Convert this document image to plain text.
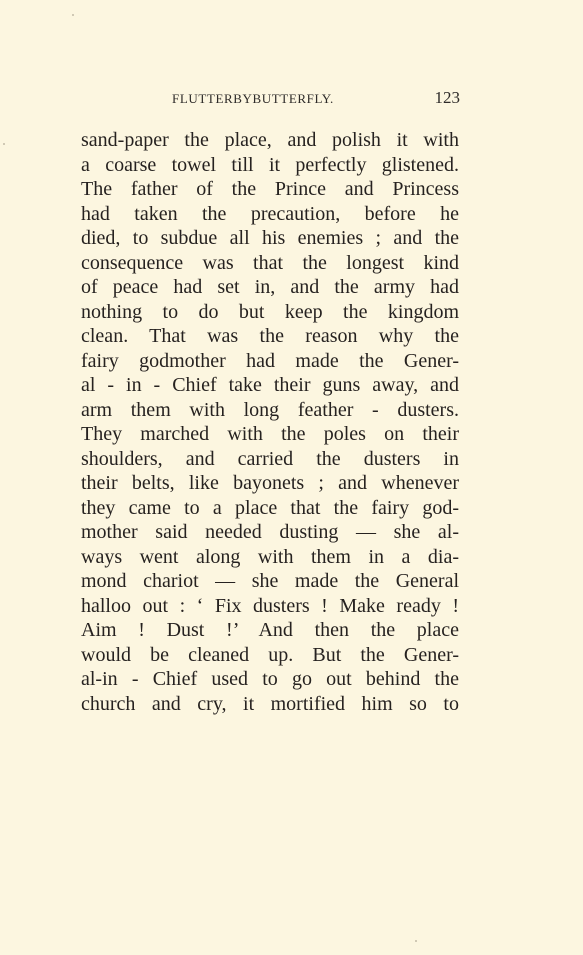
FLUTTERBYBUTTERFLY.	123
sand-paper the place, and polish it with
a coarse towel till it perfectly glistened.
The father of the Prince and Princess
had taken the precaution, before he
died, to subdue all his enemies ; and the
consequence was that the longest kind
of peace had set in, and the army had
nothing to do but keep the kingdom
clean. That was the reason why the
fairy godmother had made the Gener-
al - in - Chief take their guns away, and
arm them with long feather - dusters.
They marched with the poles on their
shoulders, and carried the dusters in
their belts, like bayonets ; and whenever
they came to a place that the fairy god-
mother said needed dusting — she al-
ways went along with them in a dia-
mond chariot — she made the General
halloo out : ‘ Fix dusters ! Make ready !
Aim ! Dust !’ And then the place
would be cleaned up. But the Gener-
al-in - Chief used to go out behind the
church and cry, it mortified him so to
